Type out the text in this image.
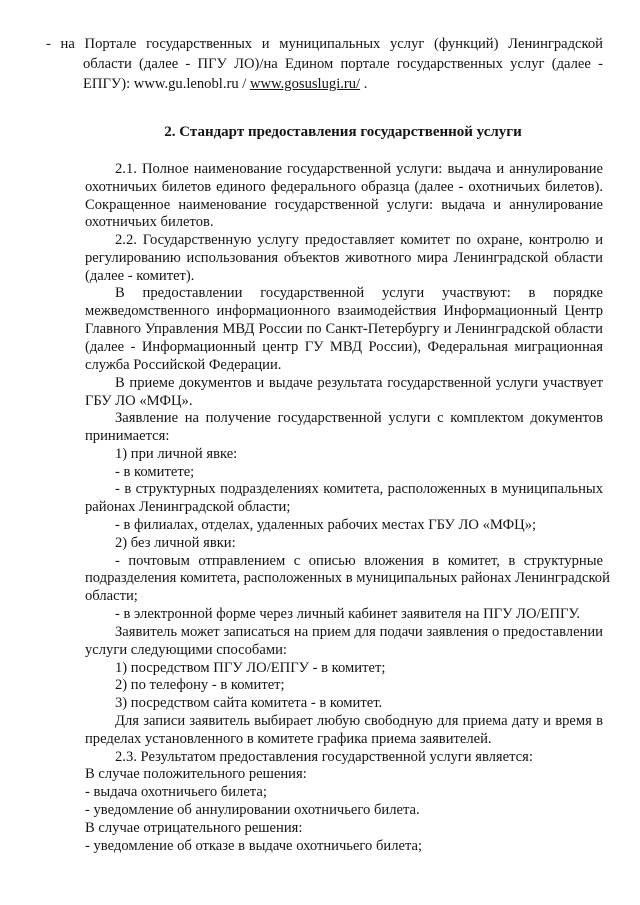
- на Портале государственных и муниципальных услуг (функций) Ленинградской

области (далее - ПГУ ЛО)/на Едином портале государственных услуг (далее -

ЕПГУ): www.gu.lenobl.ru / www.gosuslugi.ru/ .

2. Стандарт предоставления государственной услуги

2.1. Полное наименование государственной услуги: выдача и аннулирование

охотничьих билетов единого федерального образца (далее - охотничьих билетов).

Сокращенное наименование государственной услуги: выдача и аннулирование

охотничьих билетов.

2.2. Государственную услугу предоставляет комитет по охране, контролю и

регулированию использования объектов животного мира Ленинградской области

(далее - комитет).

В предоставлении государственной услуги участвуют: в порядке

межведомственного информационного взаимодействия Информационный Центр

Главного Управления МВД России по Санкт-Петербургу и Ленинградской области

(далее - Информационный центр ГУ МВД России), Федеральная миграционная

служба Российской Федерации.

В приеме документов и выдаче результата государственной услуги участвует

ГБУ ЛО «МФЦ».

Заявление на получение государственной услуги с комплектом документов

принимается:

1) при личной явке:

- в комитете;

- в структурных подразделениях комитета, расположенных в муниципальных

районах Ленинградской области;

- в филиалах, отделах, удаленных рабочих местах ГБУ ЛО «МФЦ»;

2) без личной явки:

- почтовым отправлением с описью вложения в комитет, в структурные

подразделения комитета, расположенных в муниципальных районах Ленинградской

области;

- в электронной форме через личный кабинет заявителя на ПГУ ЛО/ЕПГУ.

Заявитель может записаться на прием для подачи заявления о предоставлении

услуги следующими способами:

1) посредством ПГУ ЛО/ЕПГУ - в комитет;

2) по телефону - в комитет;

3) посредством сайта комитета - в комитет.

Для записи заявитель выбирает любую свободную для приема дату и время в

пределах установленного в комитете графика приема заявителей.

2.3. Результатом предоставления государственной услуги является:

В случае положительного решения:

- выдача охотничьего билета;

- уведомление об аннулировании охотничьего билета.

В случае отрицательного решения:

- уведомление об отказе в выдаче охотничьего билета;
